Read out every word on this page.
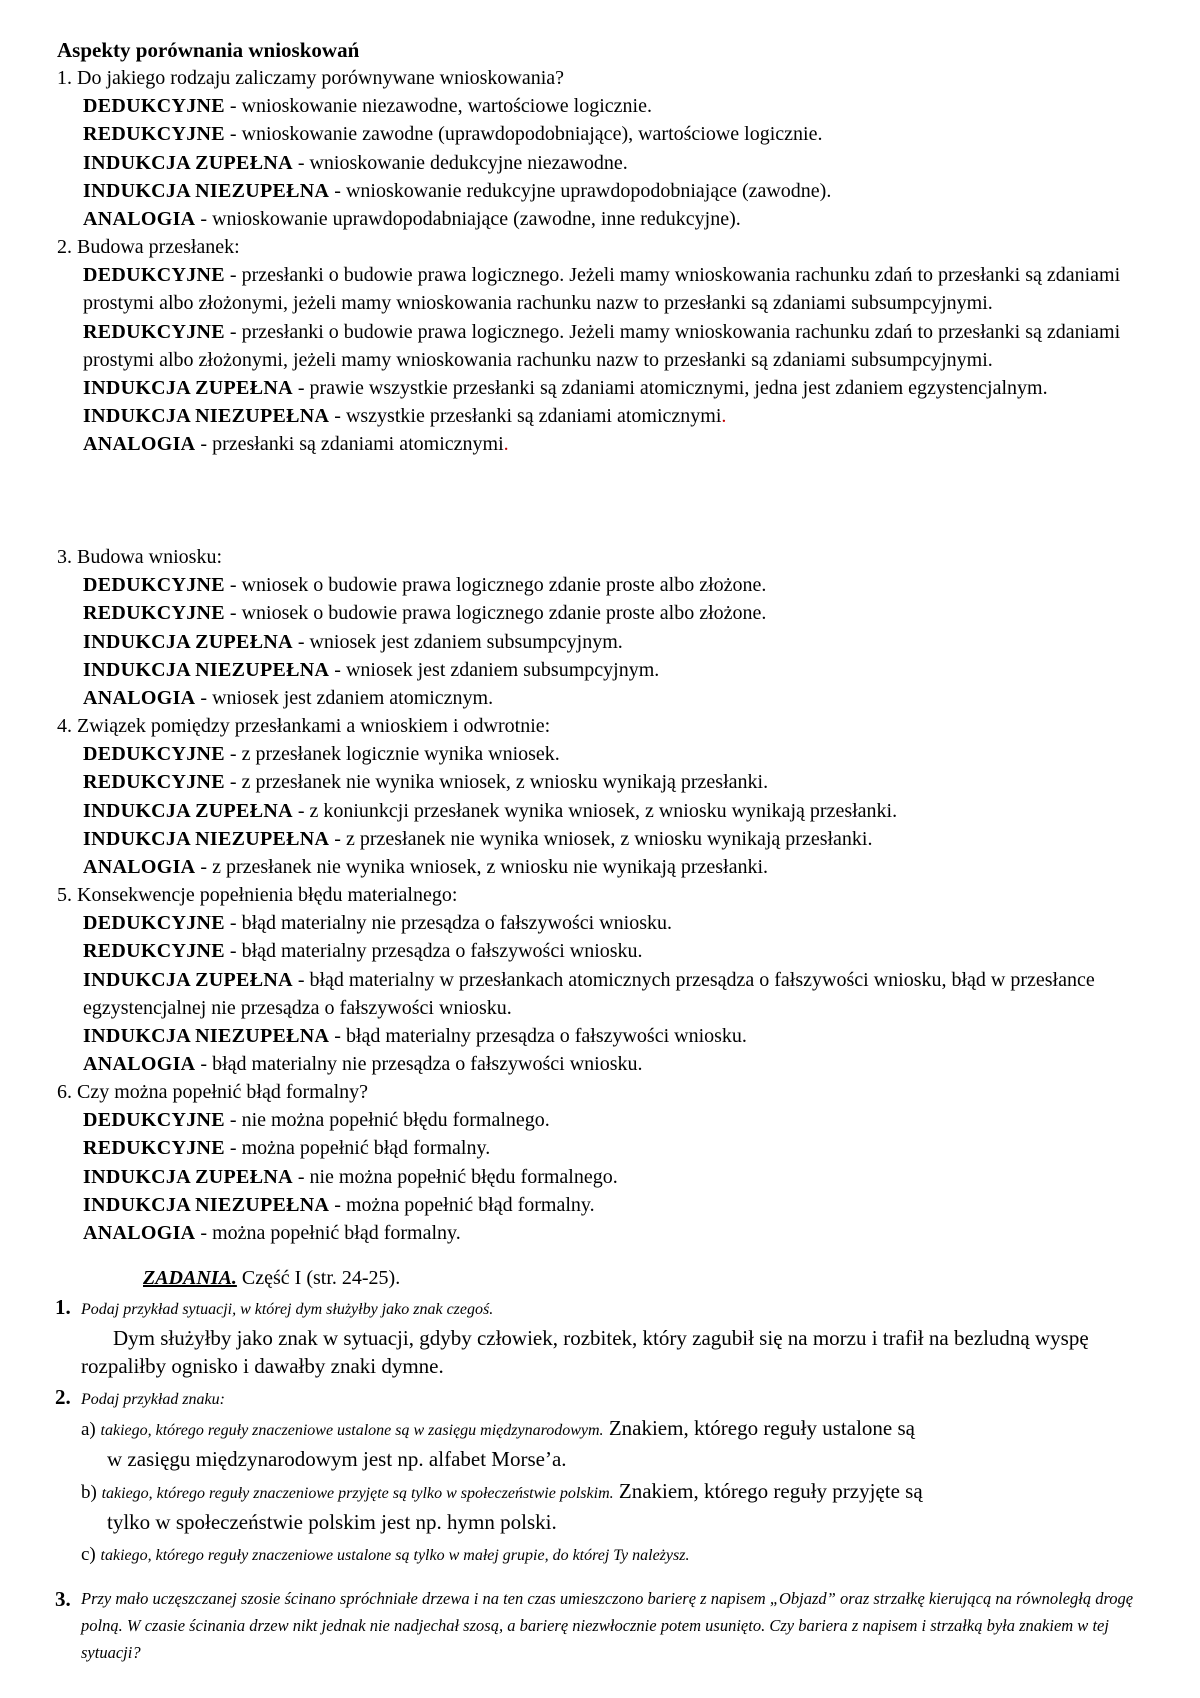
Aspekty porównania wnioskowań
1. Do jakiego rodzaju zaliczamy porównywane wnioskowania?
DEDUKCYJNE - wnioskowanie niezawodne, wartościowe logicznie.
REDUKCYJNE - wnioskowanie zawodne (uprawdopodobniające), wartościowe logicznie.
INDUKCJA ZUPEŁNA - wnioskowanie dedukcyjne niezawodne.
INDUKCJA NIEZUPEŁNA - wnioskowanie redukcyjne uprawdopodobniające (zawodne).
ANALOGIA - wnioskowanie uprawdopodabniające (zawodne, inne redukcyjne).
2. Budowa przesłanek:
DEDUKCYJNE - przesłanki o budowie prawa logicznego. Jeżeli mamy wnioskowania rachunku zdań to przesłanki są zdaniami prostymi albo złożonymi, jeżeli mamy wnioskowania rachunku nazw to przesłanki są zdaniami subsumpcyjnymi.
REDUKCYJNE - przesłanki o budowie prawa logicznego. Jeżeli mamy wnioskowania rachunku zdań to przesłanki są zdaniami prostymi albo złożonymi, jeżeli mamy wnioskowania rachunku nazw to przesłanki są zdaniami subsumpcyjnymi.
INDUKCJA ZUPEŁNA - prawie wszystkie przesłanki są zdaniami atomicznymi, jedna jest zdaniem egzystencjalnym.
INDUKCJA NIEZUPEŁNA - wszystkie przesłanki są zdaniami atomicznymi.
ANALOGIA - przesłanki są zdaniami atomicznymi.
3. Budowa wniosku:
DEDUKCYJNE - wniosek o budowie prawa logicznego zdanie proste albo złożone.
REDUKCYJNE - wniosek o budowie prawa logicznego zdanie proste albo złożone.
INDUKCJA ZUPEŁNA - wniosek jest zdaniem subsumpcyjnym.
INDUKCJA NIEZUPEŁNA - wniosek jest zdaniem subsumpcyjnym.
ANALOGIA - wniosek jest zdaniem atomicznym.
4. Związek pomiędzy przesłankami a wnioskiem i odwrotnie:
DEDUKCYJNE - z przesłanek logicznie wynika wniosek.
REDUKCYJNE - z przesłanek nie wynika wniosek, z wniosku wynikają przesłanki.
INDUKCJA ZUPEŁNA - z koniunkcji przesłanek wynika wniosek, z wniosku wynikają przesłanki.
INDUKCJA NIEZUPEŁNA - z przesłanek nie wynika wniosek, z wniosku wynikają przesłanki.
ANALOGIA - z przesłanek nie wynika wniosek, z wniosku nie wynikają przesłanki.
5. Konsekwencje popełnienia błędu materialnego:
DEDUKCYJNE - błąd materialny nie przesądza o fałszywości wniosku.
REDUKCYJNE - błąd materialny przesądza o fałszywości wniosku.
INDUKCJA ZUPEŁNA - błąd materialny w przesłankach atomicznych przesądza o fałszywości wniosku, błąd w przesłance egzystencjalnej nie przesądza o fałszywości wniosku.
INDUKCJA NIEZUPEŁNA - błąd materialny przesądza o fałszywości wniosku.
ANALOGIA - błąd materialny nie przesądza o fałszywości wniosku.
6. Czy można popełnić błąd formalny?
DEDUKCYJNE - nie można popełnić błędu formalnego.
REDUKCYJNE - można popełnić błąd formalny.
INDUKCJA ZUPEŁNA - nie można popełnić błędu formalnego.
INDUKCJA NIEZUPEŁNA - można popełnić błąd formalny.
ANALOGIA - można popełnić błąd formalny.
ZADANIA. Część I (str. 24-25).
1. Podaj przykład sytuacji, w której dym służyłby jako znak czegoś.
Dym służyłby jako znak w sytuacji, gdyby człowiek, rozbitek, który zagubił się na morzu i trafił na bezludną wyspę rozpaliłby ognisko i dawałby znaki dymne.
2. Podaj przykład znaku:
a) takiego, którego reguły znaczeniowe ustalone są w zasięgu międzynarodowym. Znakiem, którego reguły ustalone są
w zasięgu międzynarodowym jest np. alfabet Morse’a.
b) takiego, którego reguły znaczeniowe przyjęte są tylko w społeczeństwie polskim. Znakiem, którego reguły przyjęte są
tylko w społeczeństwie polskim jest np. hymn polski.
c) takiego, którego reguły znaczeniowe ustalone są tylko w małej grupie, do której Ty należysz.
3. Przy mało uczęszczanej szosie ścinano spróchniałe drzewa i na ten czas umieszczono barierę z napisem „Objazd” oraz strzałkę kierującą na równoległą drogę polną. W czasie ścinania drzew nikt jednak nie nadjechał szosą, a barierę niezwłocznie potem usunięto. Czy bariera z napisem i strzałką była znakiem w tej sytuacji?
